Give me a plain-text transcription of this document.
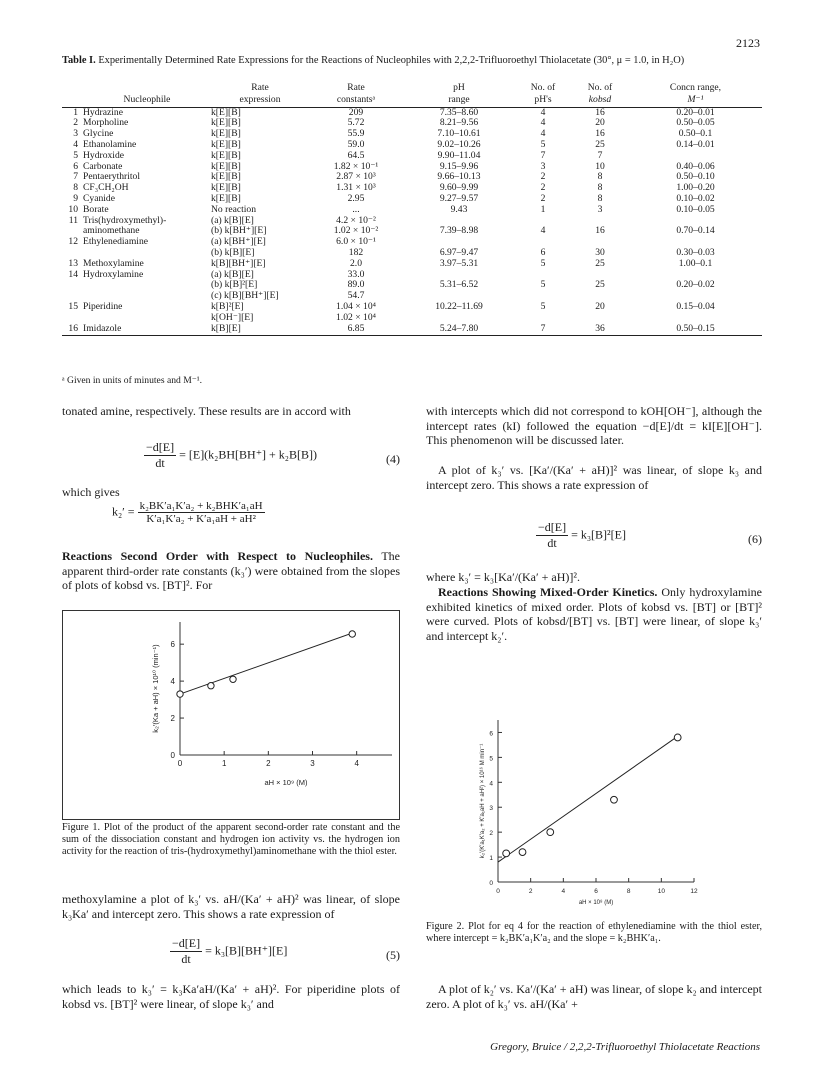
2123
Table I. Experimentally Determined Rate Expressions for the Reactions of Nucleophiles with 2,2,2-Trifluoroethyl Thiolacetate (30°, μ = 1.0, in H₂O)
		Rate	Rate	pH	No. of	No. of	Concn range,
	Nucleophile	expression	constantsᵃ	range	pH's	kobsd	M⁻¹
1	Hydrazine	k[E][B]	209	7.35–8.60	4	16	0.20–0.01
2	Morpholine	k[E][B]	5.72	8.21–9.56	4	20	0.50–0.05
3	Glycine	k[E][B]	55.9	7.10–10.61	4	16	0.50–0.1
4	Ethanolamine	k[E][B]	59.0	9.02–10.26	5	25	0.14–0.01
5	Hydroxide	k[E][B]	64.5	9.90–11.04	7	7	
6	Carbonate	k[E][B]	1.82 × 10⁻¹	9.15–9.96	3	10	0.40–0.06
7	Pentaerythritol	k[E][B]	2.87 × 10³	9.66–10.13	2	8	0.50–0.10
8	CF₃CH₂OH	k[E][B]	1.31 × 10³	9.60–9.99	2	8	1.00–0.20
9	Cyanide	k[E][B]	2.95	9.27–9.57	2	8	0.10–0.02
10	Borate	No reaction	...	9.43	1	3	0.10–0.05
11	Tris(hydroxymethyl)-	(a) k[B][E]	4.2 × 10⁻²				
	aminomethane	(b) k[BH⁺][E]	1.02 × 10⁻²	7.39–8.98	4	16	0.70–0.14
12	Ethylenediamine	(a) k[BH⁺][E]	6.0 × 10⁻¹				
		(b) k[B][E]	182	6.97–9.47	6	30	0.30–0.03
13	Methoxylamine	k[B][BH⁺][E]	2.0	3.97–5.31	5	25	1.00–0.1
14	Hydroxylamine	(a) k[B][E]	33.0				
		(b) k[B]²[E]	89.0	5.31–6.52	5	25	0.20–0.02
		(c) k[B][BH⁺][E]	54.7				
15	Piperidine	k[B]²[E]	1.04 × 10⁴	10.22–11.69	5	20	0.15–0.04
		k[OH⁻][E]	1.02 × 10⁴				
16	Imidazole	k[B][E]	6.85	5.24–7.80	7	36	0.50–0.15
ᵃ Given in units of minutes and M⁻¹.
tonated amine, respectively. These results are in accord with
$\frac{-d[E]}{dt} = [E](k_2BH[BH^+] + k_2B[B])$	(4)
which gives
$k_2' = \frac{\text{k₂BK′a₁K′a₂ + k₂BHK′a₁aH}}{\text{K′a₁K′a₂ + K′a₁aH + aH²}}$
Reactions Second Order with Respect to Nucleophiles. The apparent third-order rate constants (k₃′) were obtained from the slopes of plots of kobsd vs. [BT]². For
0	1	2	3	4
2
4
6
0
aH × 10⁹ (M)
k₂′(Ka + aH) × 10¹⁰ (min⁻¹)
Figure 1. Plot of the product of the apparent second-order rate constant and the sum of the dissociation constant and hydrogen ion activity vs. the hydrogen ion activity for the reaction of tris-(hydroxymethyl)aminomethane with the thiol ester.
methoxylamine a plot of k₃′ vs. aH/(Ka′ + aH)² was linear, of slope k₃Ka′ and intercept zero. This shows a rate expression of
$\frac{-d[E]}{dt} = k_3[B][BH^+][E]$	(5)
which leads to k₃′ = k₃Ka′aH/(Ka′ + aH)². For piperidine plots of kobsd vs. [BT]² were linear, of slope k₃′ and
with intercepts which did not correspond to kOH[OH⁻], although the intercept rates (kI) followed the equation −d[E]/dt = kI[E][OH⁻]. This phenomenon will be discussed later.
A plot of k₃′ vs. [Ka′/(Ka′ + aH)]² was linear, of slope k₃ and intercept zero. This shows a rate expression of
$\frac{-d[E]}{dt} = k_3[B]^2[E]$	(6)
where k₃′ = k₃[Ka′/(Ka′ + aH)]².
Reactions Showing Mixed-Order Kinetics. Only hydroxylamine exhibited kinetics of mixed order. Plots of kobsd vs. [BT] or [BT]² were curved. Plots of kobsd/[BT] vs. [BT] were linear, of slope k₃′ and intercept k₂′.
0	2	4	6	8	10	12
1
2
3
4
5
6
0
aH × 10⁸ (M)
k₂′(K′a₁K′a₂ + K′a₁aH + aH²) × 10¹⁶ M min⁻¹
Figure 2. Plot for eq 4 for the reaction of ethylenediamine with the thiol ester, where intercept = k₂BK′a₁K′a₂ and the slope = k₂BHK′a₁.
A plot of k₂′ vs. Ka′/(Ka′ + aH) was linear, of slope k₂ and intercept zero. A plot of k₃′ vs. aH/(Ka′ +
Gregory, Bruice / 2,2,2-Trifluoroethyl Thiolacetate Reactions
